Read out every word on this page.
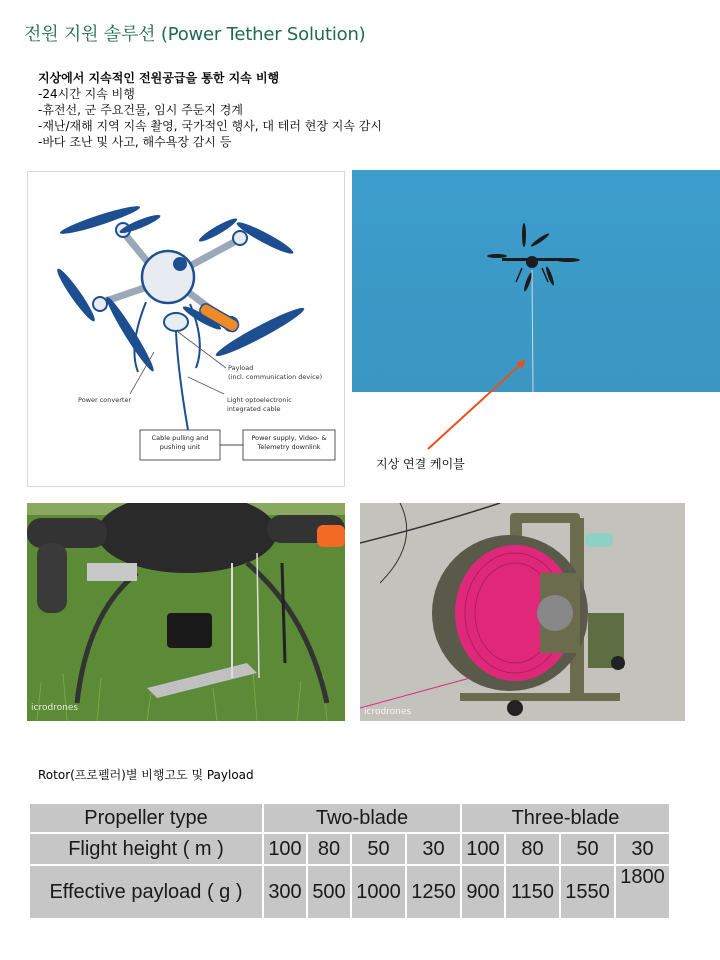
전원 지원 솔루션 (Power Tether Solution)
지상에서 지속적인 전원공급을 통한 지속 비행
-24시간 지속 비행
-휴전선, 군 주요건물, 임시 주둔지 경계
-재난/재해 지역 지속 촬영, 국가적인 행사, 대 테러 현장 지속 감시
-바다 조난 및 사고, 해수욕장 감시 등
Payload
(incl. communication device)
Power converter	Light optoelectronic
integrated cable
Cable pulling and
pushing unit
Power supply, Video- &
Telemetry downlink
지상 연결 케이블
icrodrones	icrodrones
Rotor(프로펠러)별 비행고도 및 Payload
Propeller type	Two-blade				Three-blade			
Flight height ( m )	100	80	50	30	100	80	50	30
Effective payload ( g )	300	500	1000	1250	900	1150	1550	1800
